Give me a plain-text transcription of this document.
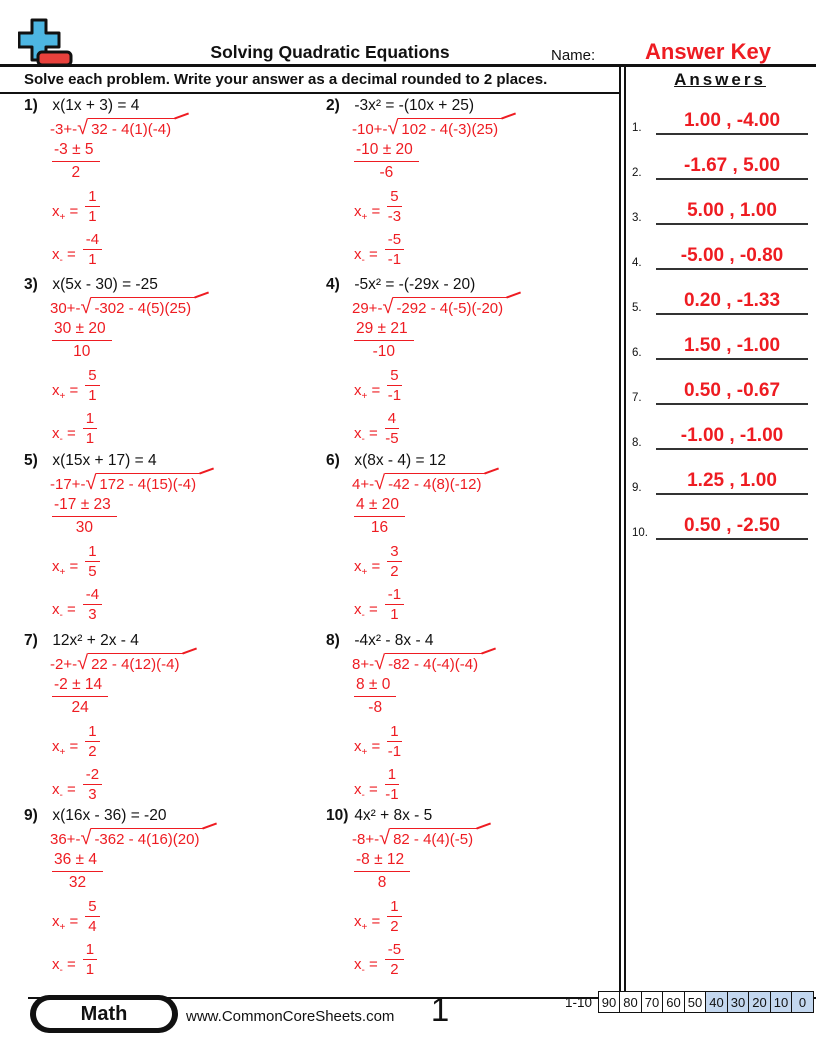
Solving Quadratic Equations	Name:	Answer Key
Solve each problem. Write your answer as a decimal rounded to 2 places.
1) x(1x + 3) = 4
-3+-√ 32 - 4(1)(-4)
$\frac{-3 \pm 5}{2}$
$x_+ = \frac{1}{1}$
$x_- = \frac{-4}{1}$
2) -3x² = -(10x + 25)
-10+-√ 102 - 4(-3)(25)
$\frac{-10 \pm 20}{-6}$
$x_+ = \frac{5}{-3}$
$x_- = \frac{-5}{-1}$
3) x(5x - 30) = -25
30+-√ -302 - 4(5)(25)
$\frac{30 \pm 20}{10}$
$x_+ = \frac{5}{1}$
$x_- = \frac{1}{1}$
4) -5x² = -(-29x - 20)
29+-√ -292 - 4(-5)(-20)
$\frac{29 \pm 21}{-10}$
$x_+ = \frac{5}{-1}$
$x_- = \frac{4}{-5}$
5) x(15x + 17) = 4
-17+-√ 172 - 4(15)(-4)
$\frac{-17 \pm 23}{30}$
$x_+ = \frac{1}{5}$
$x_- = \frac{-4}{3}$
6) x(8x - 4) = 12
4+-√ -42 - 4(8)(-12)
$\frac{4 \pm 20}{16}$
$x_+ = \frac{3}{2}$
$x_- = \frac{-1}{1}$
7) 12x² + 2x - 4
-2+-√ 22 - 4(12)(-4)
$\frac{-2 \pm 14}{24}$
$x_+ = \frac{1}{2}$
$x_- = \frac{-2}{3}$
8) -4x² - 8x - 4
8+-√ -82 - 4(-4)(-4)
$\frac{8 \pm 0}{-8}$
$x_+ = \frac{1}{-1}$
$x_- = \frac{1}{-1}$
9) x(16x - 36) = -20
36+-√ -362 - 4(16)(20)
$\frac{36 \pm 4}{32}$
$x_+ = \frac{5}{4}$
$x_- = \frac{1}{1}$
10) 4x² + 8x - 5
-8+-√ 82 - 4(4)(-5)
$\frac{-8 \pm 12}{8}$
$x_+ = \frac{1}{2}$
$x_- = \frac{-5}{2}$
Answers
1.	1.00 , -4.00
2.	-1.67 , 5.00
3.	5.00 , 1.00
4.	-5.00 , -0.80
5.	0.20 , -1.33
6.	1.50 , -1.00
7.	0.50 , -0.67
8.	-1.00 , -1.00
9.	1.25 , 1.00
10.	0.50 , -2.50
Math	www.CommonCoreSheets.com	1	1-10 90 80 70 60 50 40 30 20 10 0
